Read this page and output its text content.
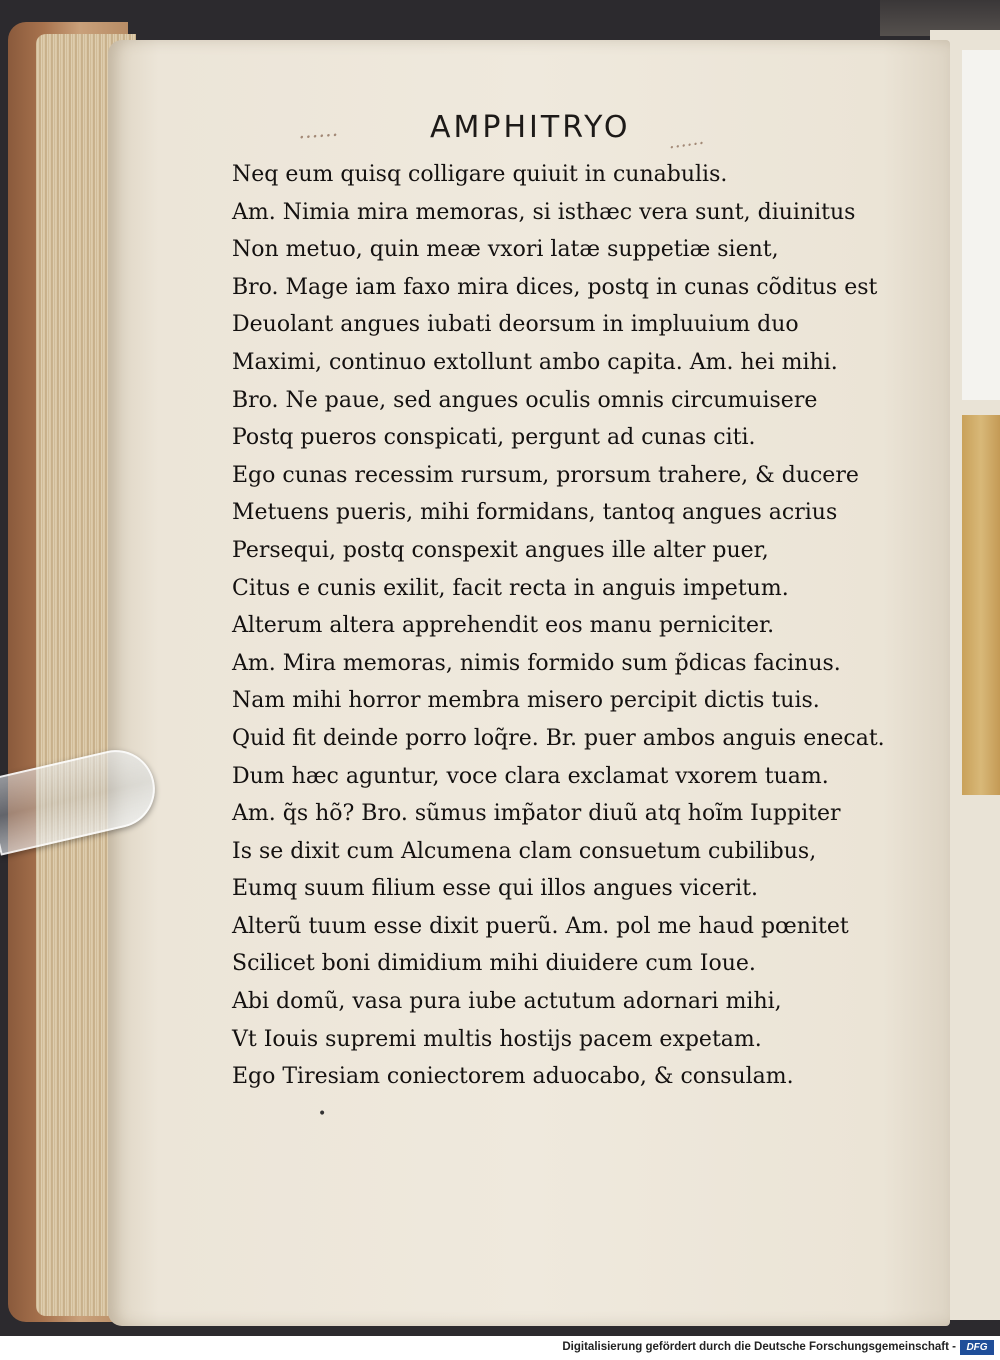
……	AMPHITRYO ……
Neq eum quisq colligare quiuit in cunabulis.
Am. Nimia mira memoras, si isthæc vera sunt, diuinitus
Non metuo, quin meæ vxori latæ suppetiæ sient,
Bro. Mage iam faxo mira dices, postq in cunas cõditus est
Deuolant angues iubati deorsum in impluuium duo
Maximi, continuo extollunt ambo capita. Am. hei mihi.
Bro. Ne paue, sed angues oculis omnis circumuisere
Postq pueros conspicati, pergunt ad cunas citi.
Ego cunas recessim rursum, prorsum trahere, & ducere
Metuens pueris, mihi formidans, tantoq angues acrius
Persequi, postq conspexit angues ille alter puer,
Citus e cunis exilit, facit recta in anguis impetum.
Alterum altera apprehendit eos manu perniciter.
Am. Mira memoras, nimis formido sum p̃dicas facinus.
Nam mihi horror membra misero percipit dictis tuis.
Quid fit deinde porro loq̃re. Br. puer ambos anguis enecat.
Dum hæc aguntur, voce clara exclamat vxorem tuam.
Am. q̃s hõ? Bro. sũmus imp̃ator diuũ atq hoĩm Iuppiter
Is se dixit cum Alcumena clam consuetum cubilibus,
Eumq suum filium esse qui illos angues vicerit.
Alterũ tuum esse dixit puerũ. Am. pol me haud pœnitet
Scilicet boni dimidium mihi diuidere cum Ioue.
Abi domũ, vasa pura iube actutum adornari mihi,
Vt Iouis supremi multis hostijs pacem expetam.
Ego Tiresiam coniectorem aduocabo, & consulam.
•
Digitalisierung gefördert durch die Deutsche Forschungsgemeinschaft -	DFG
